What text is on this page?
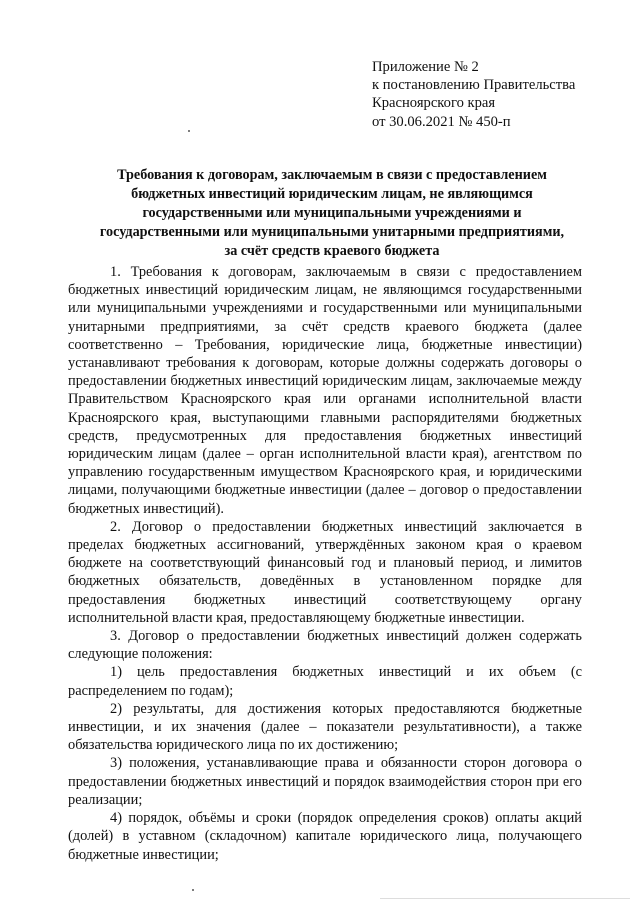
Приложение № 2
к постановлению Правительства
Красноярского края
от 30.06.2021 № 450-п
Требования к договорам, заключаемым в связи с предоставлением
бюджетных инвестиций юридическим лицам, не являющимся
государственными или муниципальными учреждениями и
государственными или муниципальными унитарными предприятиями,
за счёт средств краевого бюджета

1. Требования к договорам, заключаемым в связи с предоставлением бюджетных инвестиций юридическим лицам, не являющимся государственными или муниципальными учреждениями и государственными или муниципальными унитарными предприятиями, за счёт средств краевого бюджета (далее соответственно – Требования, юридические лица, бюджетные инвестиции) устанавливают требования к договорам, которые должны содержать договоры о предоставлении бюджетных инвестиций юридическим лицам, заключаемые между Правительством Красноярского края или органами исполнительной власти Красноярского края, выступающими главными распорядителями бюджетных средств, предусмотренных для предоставления бюджетных инвестиций юридическим лицам (далее – орган исполнительной власти края), агентством по управлению государственным имуществом Красноярского края, и юридическими лицами, получающими бюджетные инвестиции (далее – договор о предоставлении бюджетных инвестиций).

2. Договор о предоставлении бюджетных инвестиций заключается в пределах бюджетных ассигнований, утверждённых законом края о краевом бюджете на соответствующий финансовый год и плановый период, и лимитов бюджетных обязательств, доведённых в установленном порядке для предоставления бюджетных инвестиций соответствующему органу исполнительной власти края, предоставляющему бюджетные инвестиции.

3. Договор о предоставлении бюджетных инвестиций должен содержать следующие положения:

1) цель предоставления бюджетных инвестиций и их объем (с распределением по годам);

2) результаты, для достижения которых предоставляются бюджетные инвестиции, и их значения (далее – показатели результативности), а также обязательства юридического лица по их достижению;

3) положения, устанавливающие права и обязанности сторон договора о предоставлении бюджетных инвестиций и порядок взаимодействия сторон при его реализации;

4) порядок, объёмы и сроки (порядок определения сроков) оплаты акций (долей) в уставном (складочном) капитале юридического лица, получающего бюджетные инвестиции;
